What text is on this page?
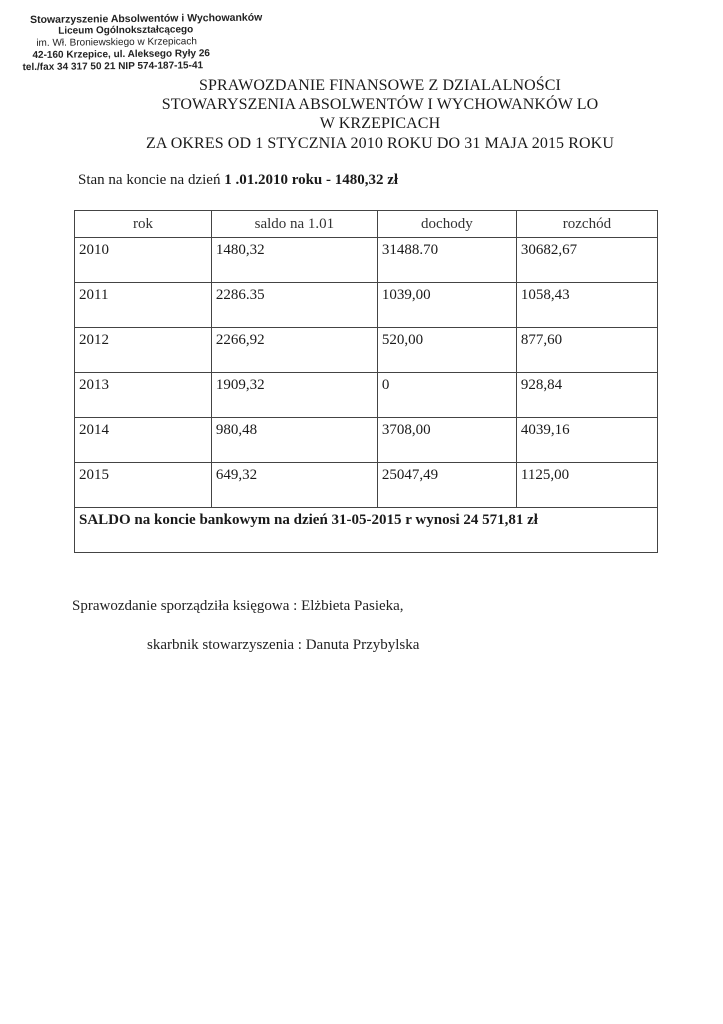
Stowarzyszenie Absolwentów i Wychowanków
Liceum Ogólnokształcącego
im. Wł. Broniewskiego w Krzepicach
42-160 Krzepice, ul. Aleksego Ryły 26
tel./fax 34 317 50 21 NIP 574-187-15-41
SPRAWOZDANIE FINANSOWE Z DZIALALNOŚCI
STOWARYSZENIA ABSOLWENTÓW I WYCHOWANKÓW LO
W KRZEPICACH
ZA OKRES OD 1 STYCZNIA 2010 ROKU DO 31 MAJA 2015 ROKU
Stan na koncie na dzień 1 .01.2010 roku - 1480,32 zł
rok	saldo na 1.01	dochody	rozchód
2010	1480,32	31488.70	30682,67
2011	2286.35	1039,00	1058,43
2012	2266,92	520,00	877,60
2013	1909,32	0	928,84
2014	980,48	3708,00	4039,16
2015	649,32	25047,49	1125,00
SALDO na koncie bankowym na dzień 31-05-2015 r wynosi 24 571,81 zł			
Sprawozdanie sporządziła księgowa : Elżbieta Pasieka,
skarbnik stowarzyszenia : Danuta Przybylska
